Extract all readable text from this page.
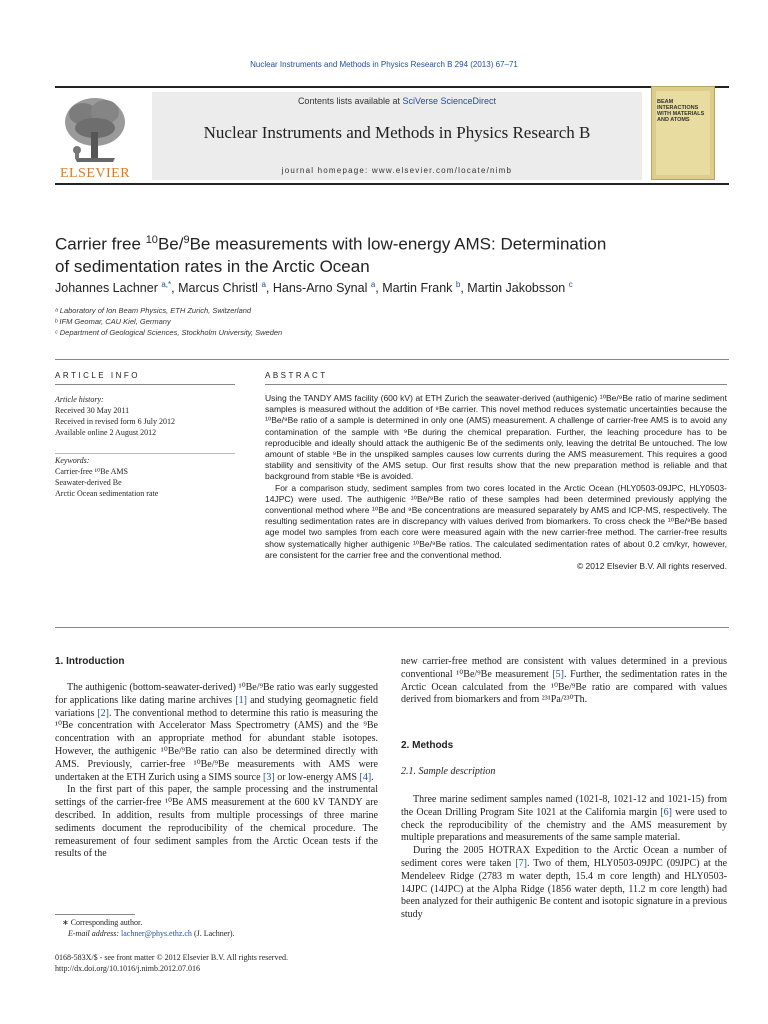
Nuclear Instruments and Methods in Physics Research B 294 (2013) 67–71
ELSEVIER
Contents lists available at SciVerse ScienceDirect
Nuclear Instruments and Methods in Physics Research B
journal homepage: www.elsevier.com/locate/nimb
BEAM INTERACTIONS WITH MATERIALS AND ATOMS
Carrier free $^{10}$Be/$^9$Be measurements with low-energy AMS: Determination
of sedimentation rates in the Arctic Ocean
Johannes Lachner $^{a,*}$, Marcus Christl $^a$, Hans-Arno Synal $^a$, Martin Frank $^b$, Martin Jakobsson $^c$
ᵃ Laboratory of Ion Beam Physics, ETH Zurich, Switzerland
ᵇ IFM Geomar, CAU Kiel, Germany
ᶜ Department of Geological Sciences, Stockholm University, Sweden
ARTICLE INFO
Article history:
Received 30 May 2011
Received in revised form 6 July 2012
Available online 2 August 2012
Keywords:
Carrier-free ¹⁰Be AMS
Seawater-derived Be
Arctic Ocean sedimentation rate
ABSTRACT

Using the TANDY AMS facility (600 kV) at ETH Zurich the seawater-derived (authigenic) ¹⁰Be/⁹Be ratio of marine sediment samples is measured without the addition of ⁹Be carrier. This novel method reduces systematic uncertainties because the ¹⁰Be/⁹Be ratio of a sample is determined in only one (AMS) measurement. A challenge of carrier-free AMS is to avoid any contamination of the sample with ⁹Be during the chemical preparation. Further, the leaching procedure has to be reproducible and ideally should attack the authigenic Be of the sediments only, leaving the detrital Be untouched. The low amount of stable ⁹Be in the unspiked samples causes low currents during the AMS measurement. This requires a good stability and sensitivity of the AMS setup. Our first results show that the new preparation method is reliable and that background from stable ⁹Be is avoided.

For a comparison study, sediment samples from two cores located in the Arctic Ocean (HLY0503-09JPC, HLY0503-14JPC) were used. The authigenic ¹⁰Be/⁹Be ratio of these samples had been determined previously applying the conventional method where ¹⁰Be and ⁹Be concentrations are measured separately by AMS and ICP-MS, respectively. The resulting sedimentation rates are in discrepancy with values derived from biomarkers. To cross check the ¹⁰Be/⁹Be based age model two samples from each core were measured again with the new carrier-free method. The carrier-free results show systematically higher authigenic ¹⁰Be/⁹Be ratios. The calculated sedimentation rates of about 0.2 cm/kyr, however, are consistent for the carrier free and the conventional method.

© 2012 Elsevier B.V. All rights reserved.

1. Introduction

The authigenic (bottom-seawater-derived) ¹⁰Be/⁹Be ratio was early suggested for applications like dating marine archives [1] and studying geomagnetic field variations [2]. The conventional method to determine this ratio is measuring the ¹⁰Be concentration with Accelerator Mass Spectrometry (AMS) and the ⁹Be concentration with an appropriate method for abundant stable isotopes. However, the authigenic ¹⁰Be/⁹Be ratio can also be determined directly with AMS. Previously, carrier-free ¹⁰Be/⁹Be measurements with AMS were undertaken at the ETH Zurich using a SIMS source [3] or low-energy AMS [4].

In the first part of this paper, the sample processing and the instrumental settings of the carrier-free ¹⁰Be AMS measurement at the 600 kV TANDY are described. In addition, results from multiple processings of three marine sediments document the reproducibility of the chemical procedure. The remeasurement of four sediment samples from the Arctic Ocean tests if the results of the

new carrier-free method are consistent with values determined in a previous conventional ¹⁰Be/⁹Be measurement [5]. Further, the sedimentation rates in the Arctic Ocean calculated from the ¹⁰Be/⁹Be ratio are compared with values derived from biomarkers and from ²³¹Pa/²³⁰Th.

2. Methods
2.1. Sample description

Three marine sediment samples named (1021-8, 1021-12 and 1021-15) from the Ocean Drilling Program Site 1021 at the California margin [6] were used to check the reproducibility of the chemistry and the AMS measurement by multiple preparations and measurements of the same sample material.

During the 2005 HOTRAX Expedition to the Arctic Ocean a number of sediment cores were taken [7]. Two of them, HLY0503-09JPC (09JPC) at the Mendeleev Ridge (2783 m water depth, 15.4 m core length) and HLY0503-14JPC (14JPC) at the Alpha Ridge (1856 water depth, 11.2 m core length) had been analyzed for their authigenic Be content and isotopic signature in a previous study

∗ Corresponding author.
E-mail address: lachner@phys.ethz.ch (J. Lachner).
0168-583X/$ - see front matter © 2012 Elsevier B.V. All rights reserved.
http://dx.doi.org/10.1016/j.nimb.2012.07.016
